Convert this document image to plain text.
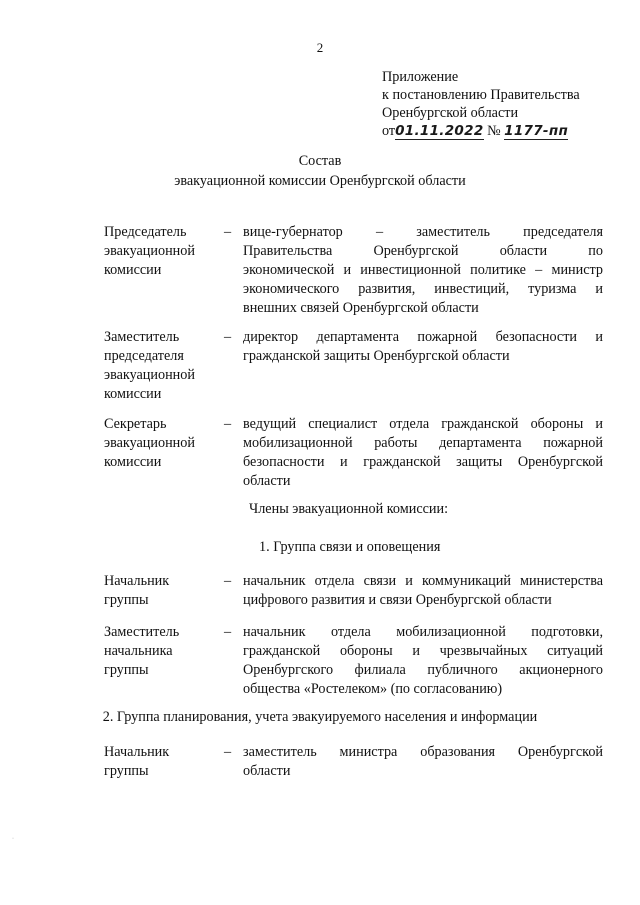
2
Приложение
к постановлению Правительства
Оренбургской области
от01.11.2022 № 1177-пп
Состав
эвакуационной комиссии Оренбургской области
Председатель
эвакуационной
комиссии
– вице-губернатор – заместитель председателя
Правительства Оренбургской области по
экономической и инвестиционной политике – министр
экономического развития, инвестиций, туризма и
внешних связей Оренбургской области
Заместитель
председателя
эвакуационной
комиссии
– директор департамента пожарной безопасности и
гражданской защиты Оренбургской области
Секретарь
эвакуационной
комиссии
– ведущий специалист отдела гражданской обороны и
мобилизационной работы департамента пожарной
безопасности и гражданской защиты Оренбургской
области
Члены эвакуационной комиссии:
1. Группа связи и оповещения
Начальник
группы
– начальник отдела связи и коммуникаций министерства
цифрового развития и связи Оренбургской области
Заместитель
начальника
группы
– начальник отдела мобилизационной подготовки,
гражданской обороны и чрезвычайных ситуаций
Оренбургского филиала публичного акционерного
общества «Ростелеком» (по согласованию)
2. Группа планирования, учета эвакуируемого населения и информации
Начальник
группы
– заместитель министра образования Оренбургской
области
·
